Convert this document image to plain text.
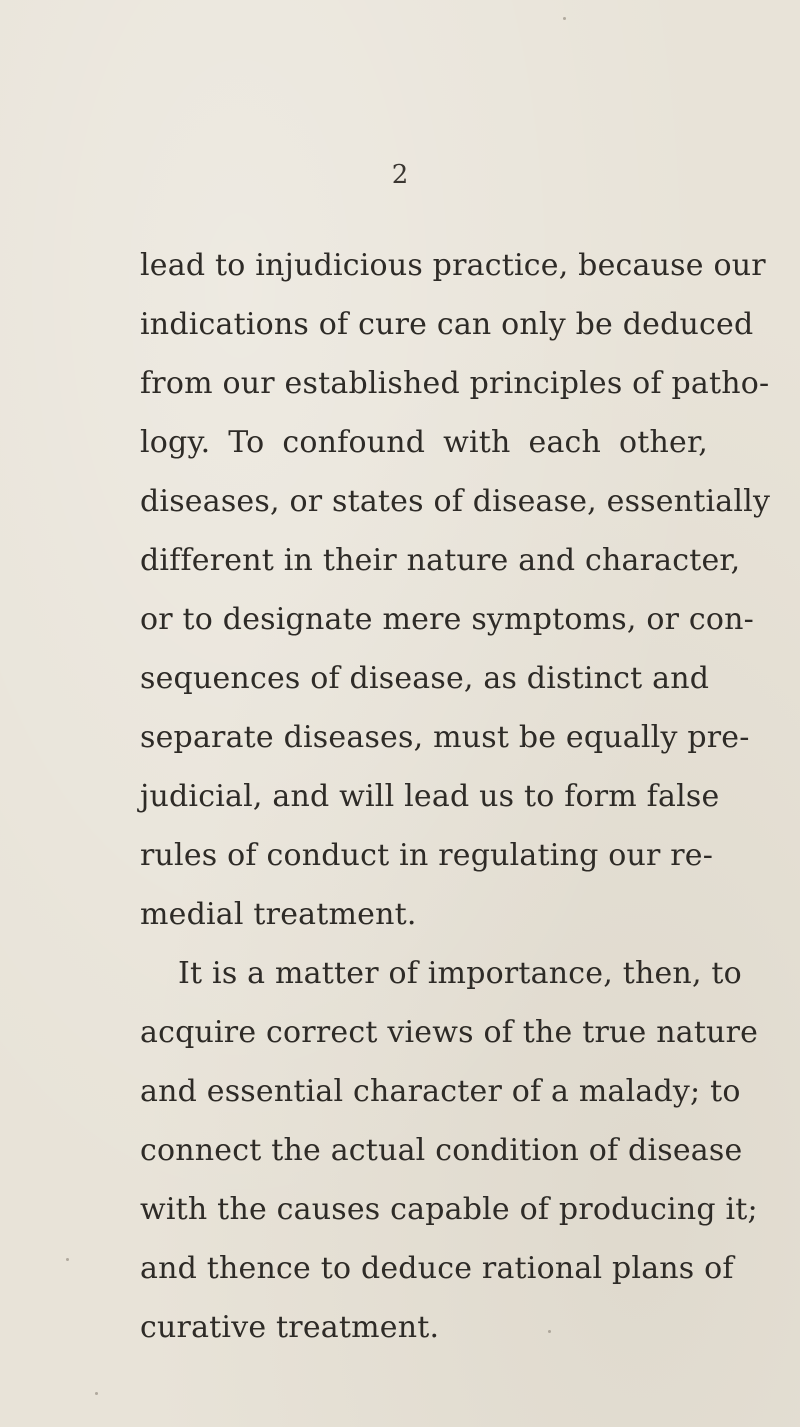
2
lead to injudicious practice, because our
indications of cure can only be deduced
from our established principles of patho-
logy. To confound with each other,
diseases, or states of disease, essentially
different in their nature and character,
or to designate mere symptoms, or con-
sequences of disease, as distinct and
separate diseases, must be equally pre-
judicial, and will lead us to form false
rules of conduct in regulating our re-
medial treatment.
It is a matter of importance, then, to
acquire correct views of the true nature
and essential character of a malady; to
connect the actual condition of disease
with the causes capable of producing it;
and thence to deduce rational plans of
curative treatment.
